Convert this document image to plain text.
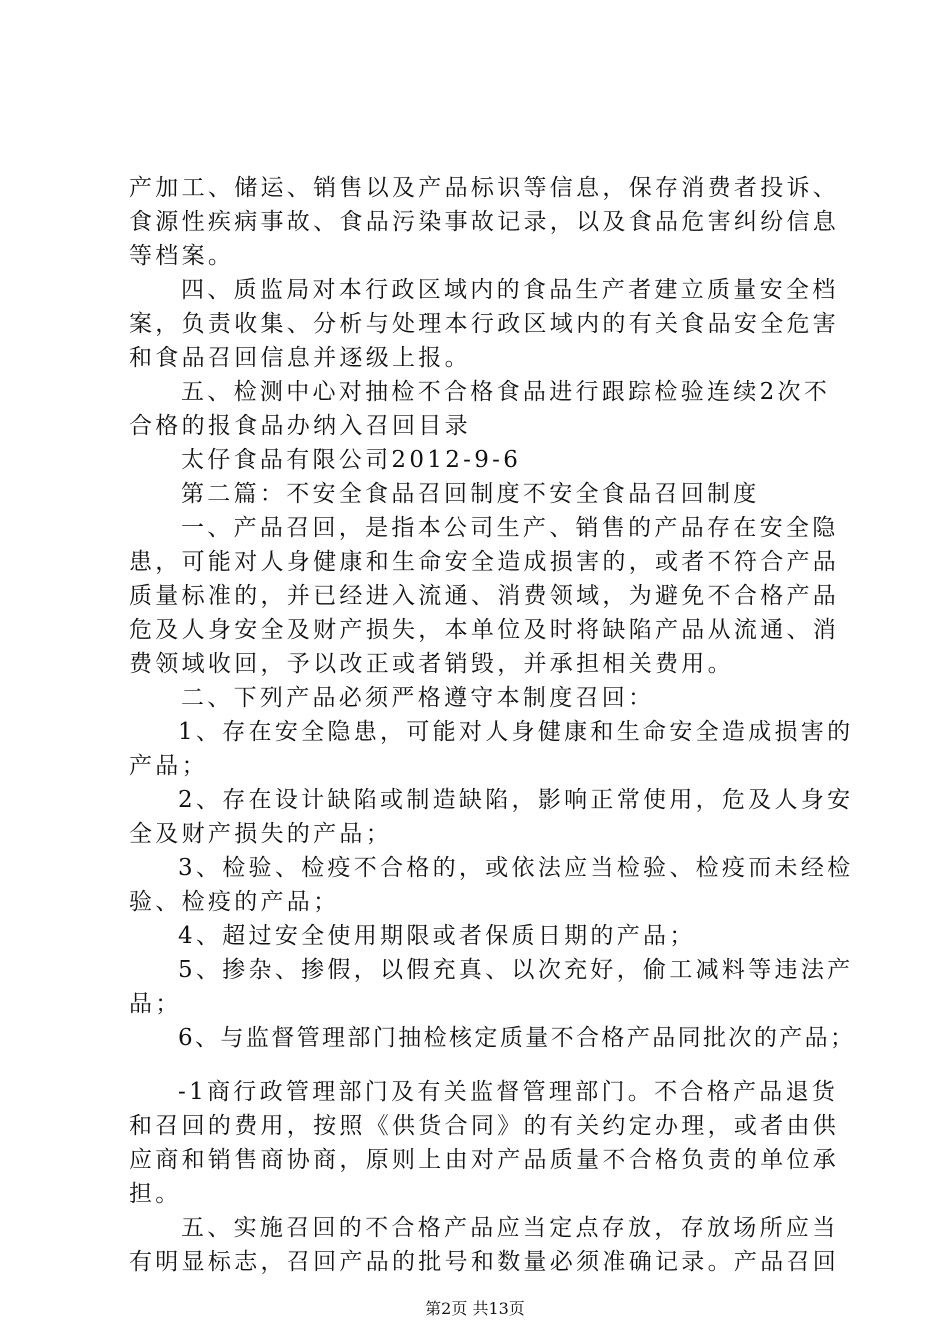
产加工、储运、销售以及产品标识等信息，保存消费者投诉、
食源性疾病事故、食品污染事故记录，以及食品危害纠纷信息
等档案。
四、质监局对本行政区域内的食品生产者建立质量安全档
案，负责收集、分析与处理本行政区域内的有关食品安全危害
和食品召回信息并逐级上报。
五、检测中心对抽检不合格食品进行跟踪检验连续2次不
合格的报食品办纳入召回目录
太仔食品有限公司2012-9-6
第二篇：不安全食品召回制度不安全食品召回制度
一、产品召回，是指本公司生产、销售的产品存在安全隐
患，可能对人身健康和生命安全造成损害的，或者不符合产品
质量标准的，并已经进入流通、消费领域，为避免不合格产品
危及人身安全及财产损失，本单位及时将缺陷产品从流通、消
费领域收回，予以改正或者销毁，并承担相关费用。
二、下列产品必须严格遵守本制度召回：
1、存在安全隐患，可能对人身健康和生命安全造成损害的
产品；
2、存在设计缺陷或制造缺陷，影响正常使用，危及人身安
全及财产损失的产品；
3、检验、检疫不合格的，或依法应当检验、检疫而未经检
验、检疫的产品；
4、超过安全使用期限或者保质日期的产品；
5、掺杂、掺假，以假充真、以次充好，偷工减料等违法产
品；
6、与监督管理部门抽检核定质量不合格产品同批次的产品；
-1商行政管理部门及有关监督管理部门。不合格产品退货
和召回的费用，按照《供货合同》的有关约定办理，或者由供
应商和销售商协商，原则上由对产品质量不合格负责的单位承
担。
五、实施召回的不合格产品应当定点存放，存放场所应当
有明显标志，召回产品的批号和数量必须准确记录。产品召回
第2页 共13页
